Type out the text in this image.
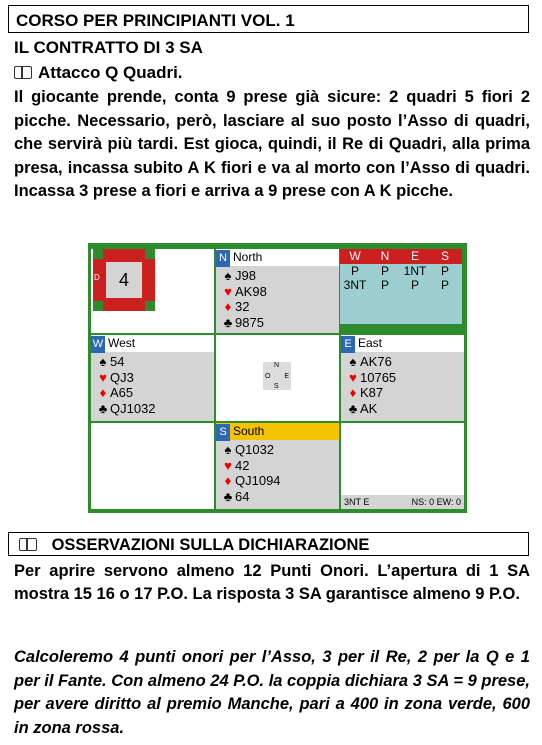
CORSO PER PRINCIPIANTI VOL. 1
IL CONTRATTO DI 3 SA
Attacco Q Quadri.
Il giocante prende, conta 9 prese già sicure: 2 quadri 5 fiori 2 picche. Necessario, però, lasciare al suo posto l’Asso di quadri, che servirà più tardi. Est gioca, quindi, il Re di Quadri, alla prima presa, incassa subito A K fiori e va al morto con l’Asso di quadri. Incassa 3 prese a fiori e arriva a 9 prese con A K picche.
4
D
N North
♠ J98
♥ AK98
♦ 32
♣ 9875
W N E S
P P 1NT P
3NT P P P
W West
♠ 54
♥ QJ3
♦ A65
♣ QJ1032
N
O E
S
E East
♠ AK76
♥ 10765
♦ K87
♣ AK
S South
♠ Q1032
♥ 42
♦ QJ1094
♣ 64	3NT E	NS: 0 EW: 0
OSSERVAZIONI SULLA DICHIARAZIONE
Per aprire servono almeno 12 Punti Onori. L’apertura di 1 SA mostra 15 16 o 17 P.O. La risposta 3 SA garantisce almeno 9 P.O.
Calcoleremo 4 punti onori per l’Asso, 3 per il Re, 2 per la Q e 1 per il Fante. Con almeno 24 P.O. la coppia dichiara 3 SA = 9 prese, per avere diritto al premio Manche, pari a 400 in zona verde, 600 in zona rossa.
